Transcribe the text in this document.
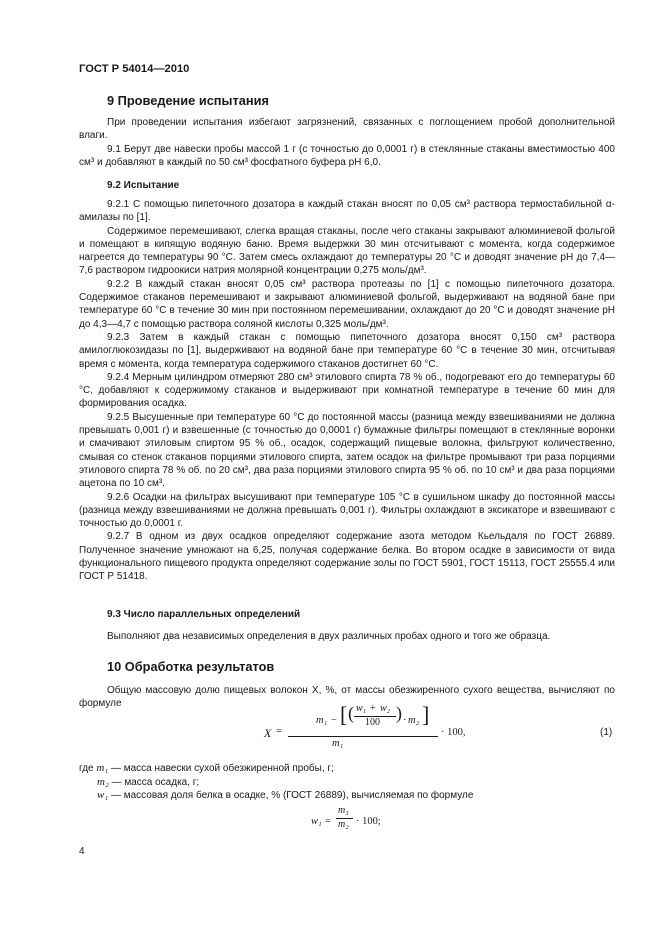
ГОСТ Р 54014—2010
9 Проведение испытания

При проведении испытания избегают загрязнений, связанных с поглощением пробой дополнительной влаги.

9.1 Берут две навески пробы массой 1 г (с точностью до 0,0001 г) в стеклянные стаканы вместимостью 400 см³ и добавляют в каждый по 50 см³ фосфатного буфера рН 6,0.

9.2 Испытание

9.2.1 С помощью пипеточного дозатора в каждый стакан вносят по 0,05 см³ раствора термостабильной α-амилазы по [1].

Содержимое перемешивают, слегка вращая стаканы, после чего стаканы закрывают алюминиевой фольгой и помещают в кипящую водяную баню. Время выдержки 30 мин отсчитывают с момента, когда содержимое нагреется до температуры 90 °С. Затем смесь охлаждают до температуры 20 °С и доводят значение рН до 7,4—7,6 раствором гидроокиси натрия молярной концентрации 0,275 моль/дм³.

9.2.2 В каждый стакан вносят 0,05 см³ раствора протеазы по [1] с помощью пипеточного дозатора. Содержимое стаканов перемешивают и закрывают алюминиевой фольгой, выдерживают на водяной бане при температуре 60 °С в течение 30 мин при постоянном перемешивании, охлаждают до 20 °С и доводят значение рН до 4,3—4,7 с помощью раствора соляной кислоты 0,325 моль/дм³.

9.2.3 Затем в каждый стакан с помощью пипеточного дозатора вносят 0,150 см³ раствора амилоглюкозидазы по [1], выдерживают на водяной бане при температуре 60 °С в течение 30 мин, отсчитывая время с момента, когда температура содержимого стаканов достигнет 60 °С.

9.2.4 Мерным цилиндром отмеряют 280 см³ этилового спирта 78 % об., подогревают его до температуры 60 °С, добавляют к содержимому стаканов и выдерживают при комнатной температуре в течение 60 мин для формирования осадка.

9.2.5 Высушенные при температуре 60 °С до постоянной массы (разница между взвешиваниями не должна превышать 0,001 г) и взвешенные (с точностью до 0,0001 г) бумажные фильтры помещают в стеклянные воронки и смачивают этиловым спиртом 95 % об., осадок, содержащий пищевые волокна, фильтруют количественно, смывая со стенок стаканов порциями этилового спирта, затем осадок на фильтре промывают три раза порциями этилового спирта 78 % об. по 20 см³, два раза порциями этилового спирта 95 % об. по 10 см³ и два раза порциями ацетона по 10 см³.

9.2.6 Осадки на фильтрах высушивают при температуре 105 °С в сушильном шкафу до постоянной массы (разница между взвешиваниями не должна превышать 0,001 г). Фильтры охлаждают в эксикаторе и взвешивают с точностью до 0,0001 г.

9.2.7 В одном из двух осадков определяют содержание азота методом Кьельдаля по ГОСТ 26889. Полученное значение умножают на 6,25, получая содержание белка. Во втором осадке в зависимости от вида функционального пищевого продукта определяют содержание золы по ГОСТ 5901, ГОСТ 15113, ГОСТ 25555.4 или ГОСТ Р 51418.

9.3 Число параллельных определений

Выполняют два независимых определения в двух различных пробах одного и того же образца.

10 Обработка результатов

Общую массовую долю пищевых волокон X, %, от массы обезжиренного сухого вещества, вычисляют по формуле

X =
m₁ − [ ( w₁ + w₂
100 ) · m₂ ]
m₁
· 100,	(1)
где m₁ — масса навески сухой обезжиренной пробы, г;
m₂ — масса осадка, г;
w₁ — массовая доля белка в осадке, % (ГОСТ 26889), вычисляемая по формуле
w₁ =
m₃
m₂ · 100;
4
